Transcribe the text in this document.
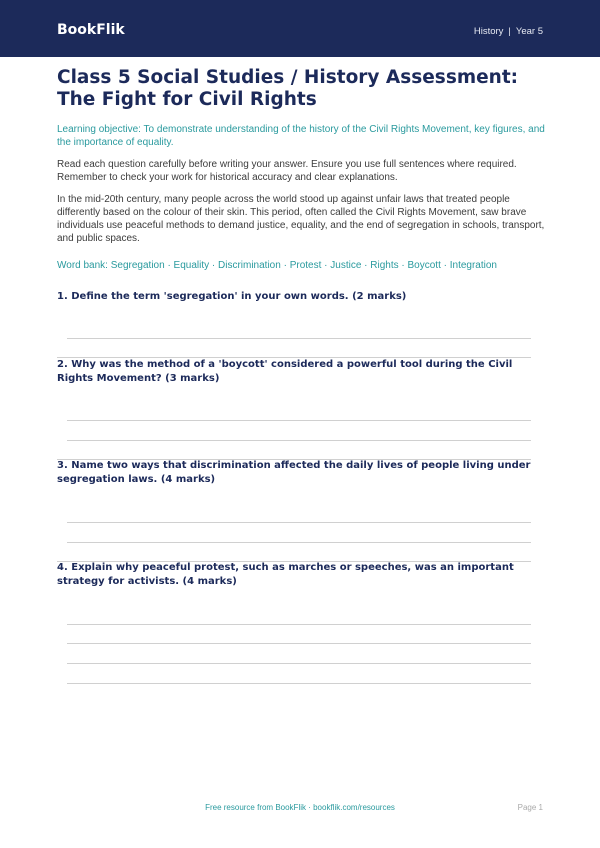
BookFlik	History | Year 5
Class 5 Social Studies / History Assessment: The Fight for Civil Rights

Learning objective: To demonstrate understanding of the history of the Civil Rights Movement, key figures, and the importance of equality.

Read each question carefully before writing your answer. Ensure you use full sentences where required. Remember to check your work for historical accuracy and clear explanations.

In the mid-20th century, many people across the world stood up against unfair laws that treated people differently based on the colour of their skin. This period, often called the Civil Rights Movement, saw brave individuals use peaceful methods to demand justice, equality, and the end of segregation in schools, transport, and public spaces.

Word bank: Segregation · Equality · Discrimination · Protest · Justice · Rights · Boycott · Integration

1. Define the term 'segregation' in your own words. (2 marks)
2. Why was the method of a 'boycott' considered a powerful tool during the Civil Rights Movement? (3 marks)
3. Name two ways that discrimination affected the daily lives of people living under segregation laws. (4 marks)
4. Explain why peaceful protest, such as marches or speeches, was an important strategy for activists. (4 marks)
Free resource from BookFlik · bookflik.com/resources	Page 1
